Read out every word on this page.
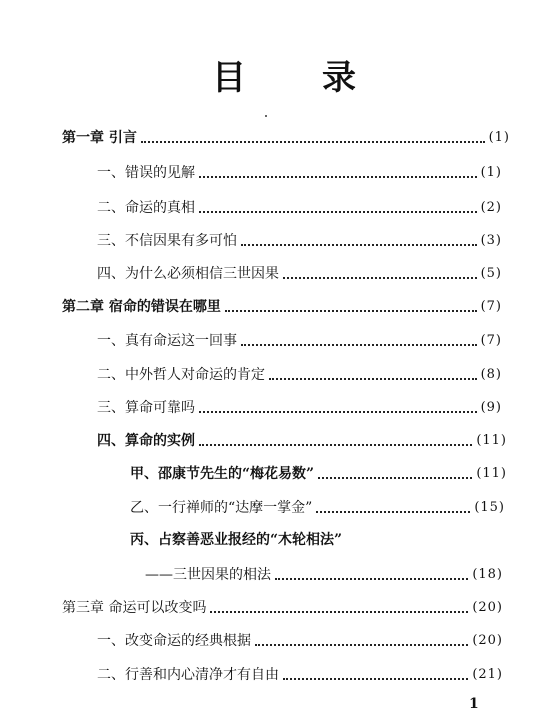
目 录
第一章 引言	(1)
一、错误的见解	(1)
二、命运的真相	(2)
三、不信因果有多可怕	(3)
四、为什么必须相信三世因果	(5)
第二章 宿命的错误在哪里	(7)
一、真有命运这一回事	(7)
二、中外哲人对命运的肯定	(8)
三、算命可靠吗	(9)
四、算命的实例	(11)
甲、邵康节先生的“梅花易数”	(11)
乙、一行禅师的“达摩一掌金”	(15)
丙、占察善恶业报经的“木轮相法”
——三世因果的相法	(18)
第三章 命运可以改变吗	(20)
一、改变命运的经典根据	(20)
二、行善和内心清净才有自由	(21)
1
